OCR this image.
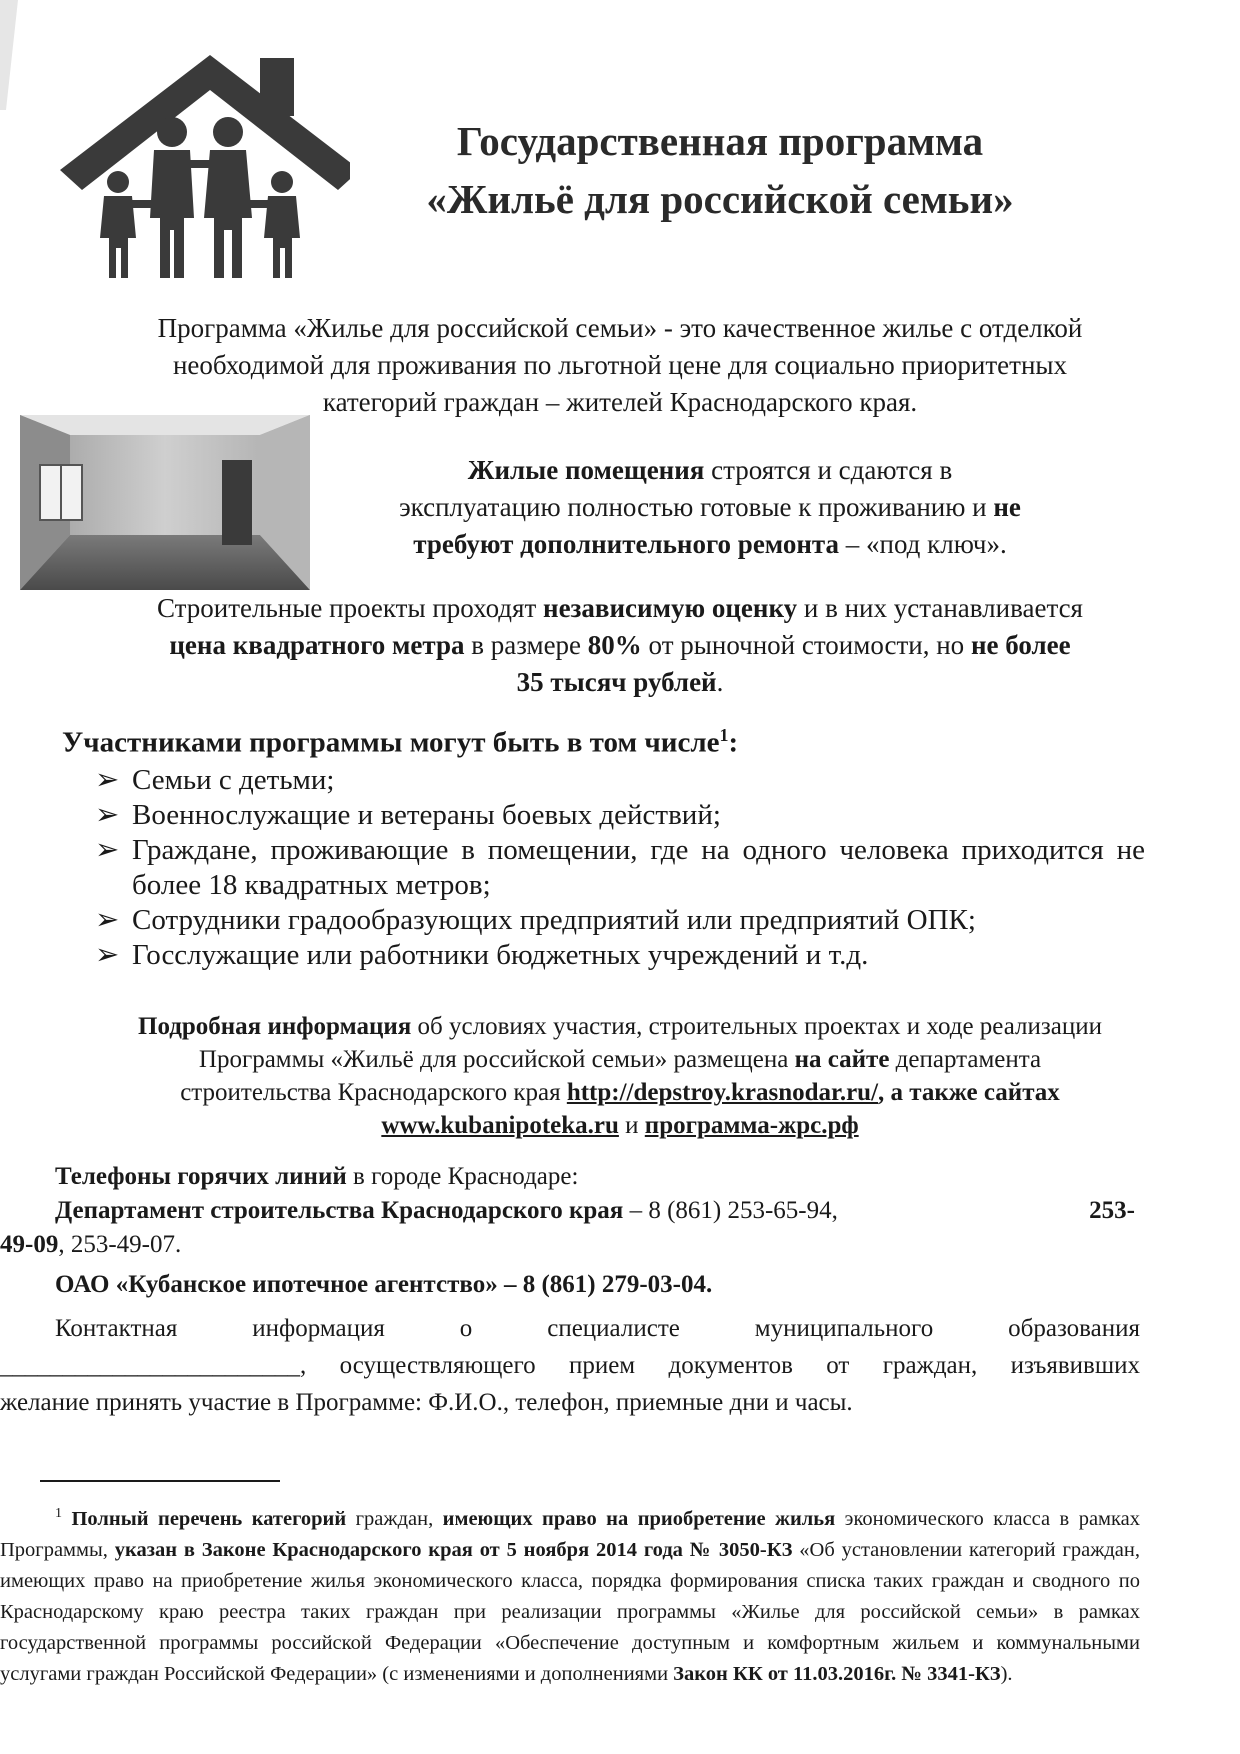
Государственная программа
«Жильё для российской семьи»
Программа «Жилье для российской семьи» - это качественное жилье с отделкой
необходимой для проживания по льготной цене для социально приоритетных
категорий граждан – жителей Краснодарского края.
Жилые помещения строятся и сдаются в
эксплуатацию полностью готовые к проживанию и не
требуют дополнительного ремонта – «под ключ».
Строительные проекты проходят независимую оценку и в них устанавливается
цена квадратного метра в размере 80% от рыночной стоимости, но не более
35 тысяч рублей.
Участниками программы могут быть в том числе$^1$:
➢ Семьи с детьми;
➢ Военнослужащие и ветераны боевых действий;
➢ Граждане, проживающие в помещении, где на одного человека приходится не более 18 квадратных метров;
➢ Сотрудники градообразующих предприятий или предприятий ОПК;
➢ Госслужащие или работники бюджетных учреждений и т.д.
Подробная информация об условиях участия, строительных проектах и ходе реализации
Программы «Жильё для российской семьи» размещена на сайте департамента
строительства Краснодарского края http://depstroy.krasnodar.ru/, а также сайтах
www.kubanipoteka.ru и программа-жрс.рф
Телефоны горячих линий в городе Краснодаре:
Департамент строительства Краснодарского края – 8 (861) 253-65-94,	253-
49-09, 253-49-07.
ОАО «Кубанское ипотечное агентство» – 8 (861) 279-03-04.
Контактная информация о специалисте муниципального образования
________________________, осуществляющего прием документов от граждан, изъявивших
желание принять участие в Программе: Ф.И.О., телефон, приемные дни и часы.
$^1$ Полный перечень категорий граждан, имеющих право на приобретение жилья экономического класса в рамках Программы, указан в Законе Краснодарского края от 5 ноября 2014 года № 3050-КЗ «Об установлении категорий граждан, имеющих право на приобретение жилья экономического класса, порядка формирования списка таких граждан и сводного по Краснодарскому краю реестра таких граждан при реализации программы «Жилье для российской семьи» в рамках государственной программы российской Федерации «Обеспечение доступным и комфортным жильем и коммунальными услугами граждан Российской Федерации» (с изменениями и дополнениями Закон КК от 11.03.2016г. № 3341-КЗ).
